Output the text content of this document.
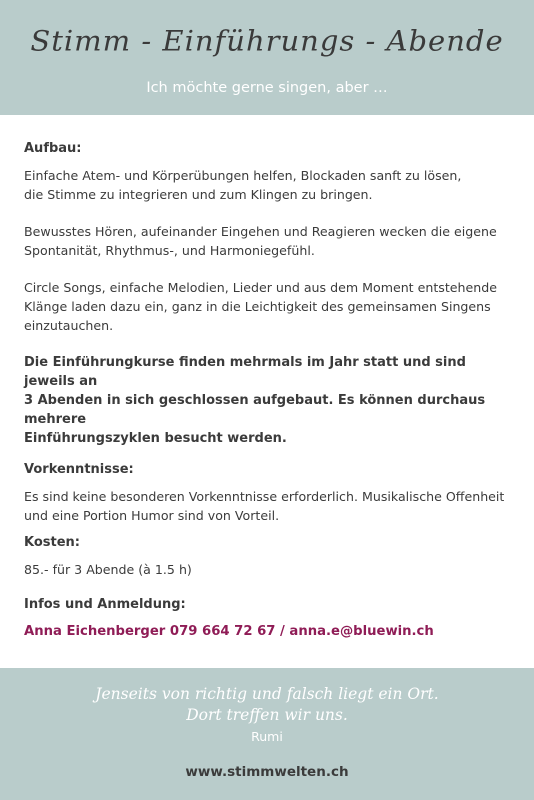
Stimm - Einführungs - Abende
Ich möchte gerne singen, aber …

Aufbau:

Einfache Atem- und Körperübungen helfen, Blockaden sanft zu lösen,

die Stimme zu integrieren und zum Klingen zu bringen.

Bewusstes Hören, aufeinander Eingehen und Reagieren wecken die eigene

Spontanität, Rhythmus-, und Harmoniegefühl.

Circle Songs, einfache Melodien, Lieder und aus dem Moment entstehende

Klänge laden dazu ein, ganz in die Leichtigkeit des gemeinsamen Singens

einzutauchen.

Die Einführungkurse finden mehrmals im Jahr statt und sind jeweils an

3 Abenden in sich geschlossen aufgebaut. Es können durchaus mehrere

Einführungszyklen besucht werden.

Vorkenntnisse:

Es sind keine besonderen Vorkenntnisse erforderlich. Musikalische Offenheit

und eine Portion Humor sind von Vorteil.

Kosten:

85.- für 3 Abende (à 1.5 h)

Infos und Anmeldung:

Anna Eichenberger 079 664 72 67 / anna.e@bluewin.ch

Jenseits von richtig und falsch liegt ein Ort.
Dort treffen wir uns.
Rumi
www.stimmwelten.ch
